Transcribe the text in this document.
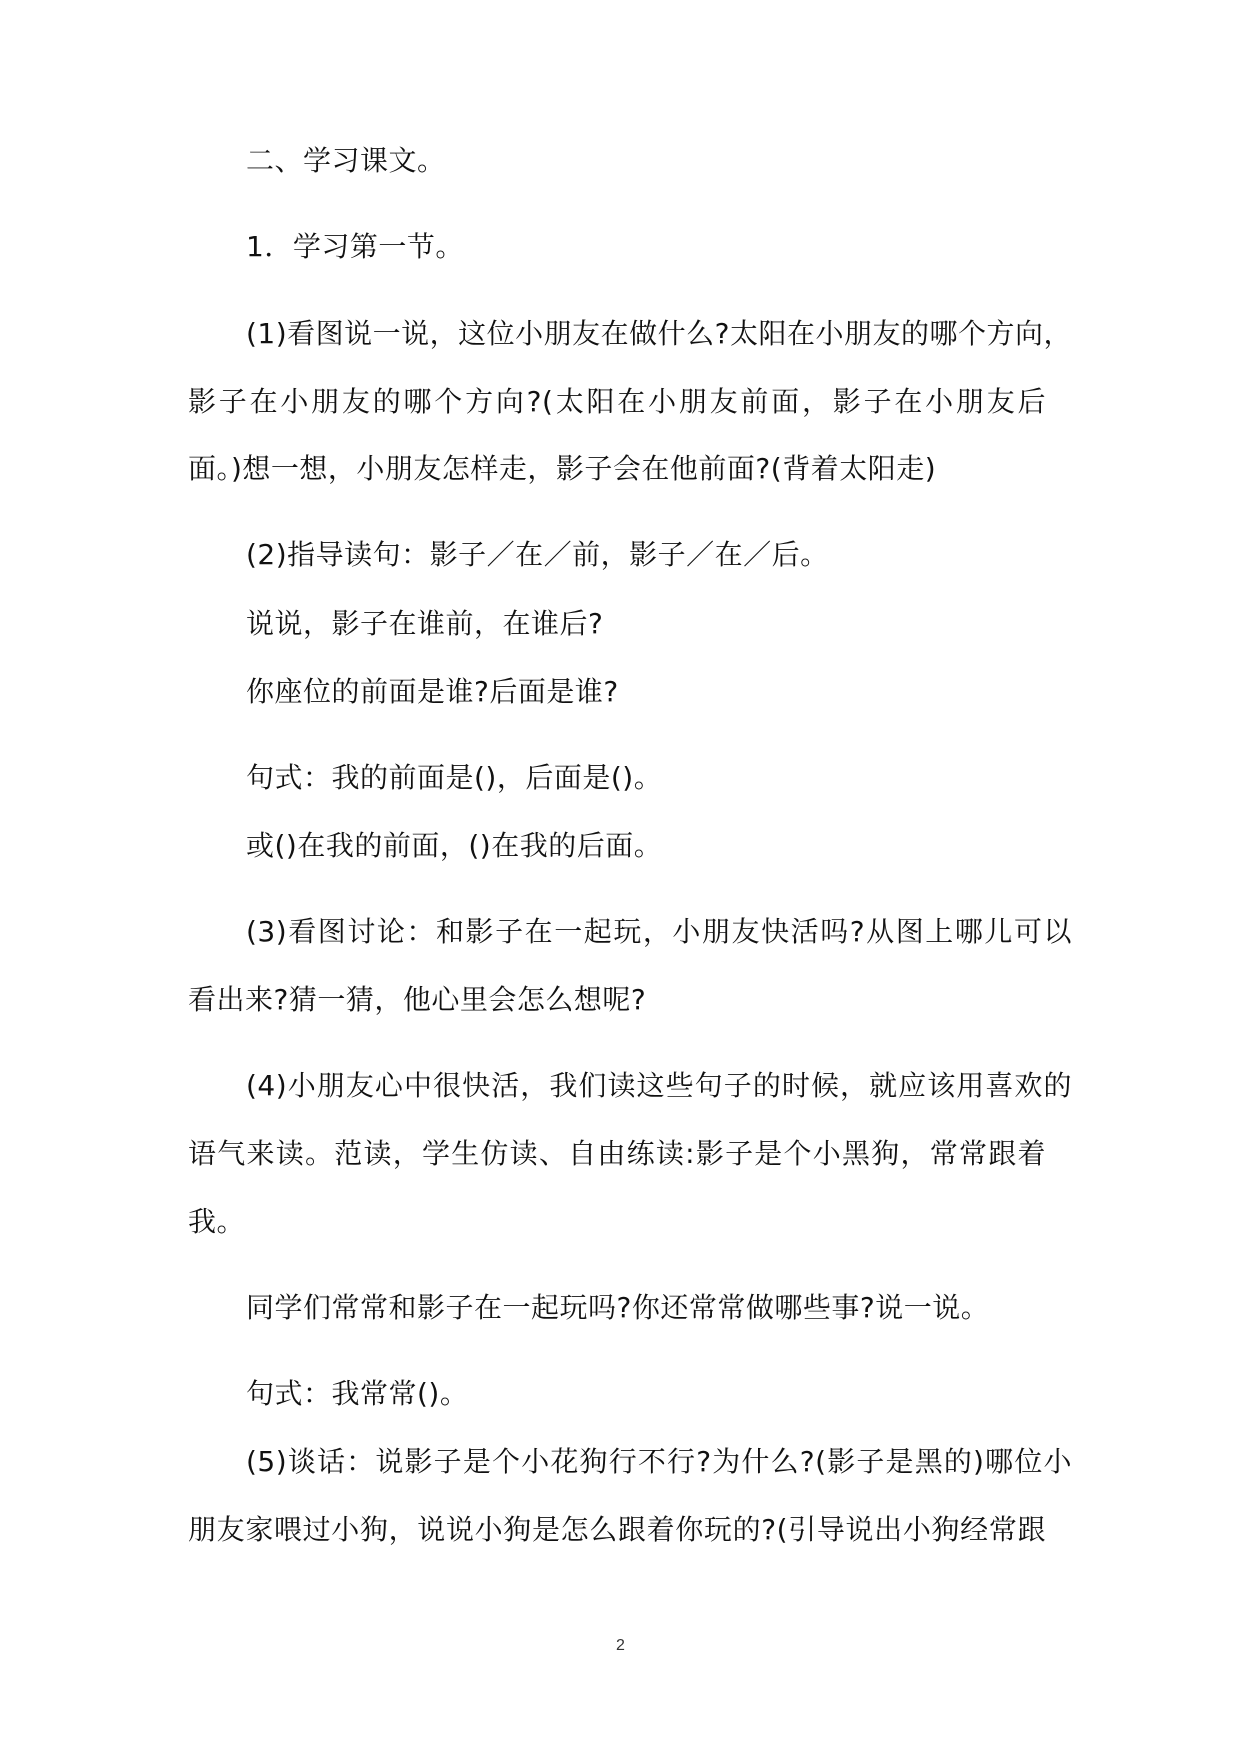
二、学习课文。
1．学习第一节。
(1)看图说一说，这位小朋友在做什么?太阳在小朋友的哪个方向，
影子在小朋友的哪个方向?(太阳在小朋友前面，影子在小朋友后
面。)想一想，小朋友怎样走，影子会在他前面?(背着太阳走)
(2)指导读句：影子／在／前，影子／在／后。
说说，影子在谁前，在谁后?
你座位的前面是谁?后面是谁?
句式：我的前面是()，后面是()。
或()在我的前面，()在我的后面。
(3)看图讨论：和影子在一起玩，小朋友快活吗?从图上哪儿可以
看出来?猜一猜，他心里会怎么想呢?
(4)小朋友心中很快活，我们读这些句子的时候，就应该用喜欢的
语气来读。范读，学生仿读、自由练读:影子是个小黑狗，常常跟着
我。
同学们常常和影子在一起玩吗?你还常常做哪些事?说一说。
句式：我常常()。
(5)谈话：说影子是个小花狗行不行?为什么?(影子是黑的)哪位小
朋友家喂过小狗，说说小狗是怎么跟着你玩的?(引导说出小狗经常跟
2
